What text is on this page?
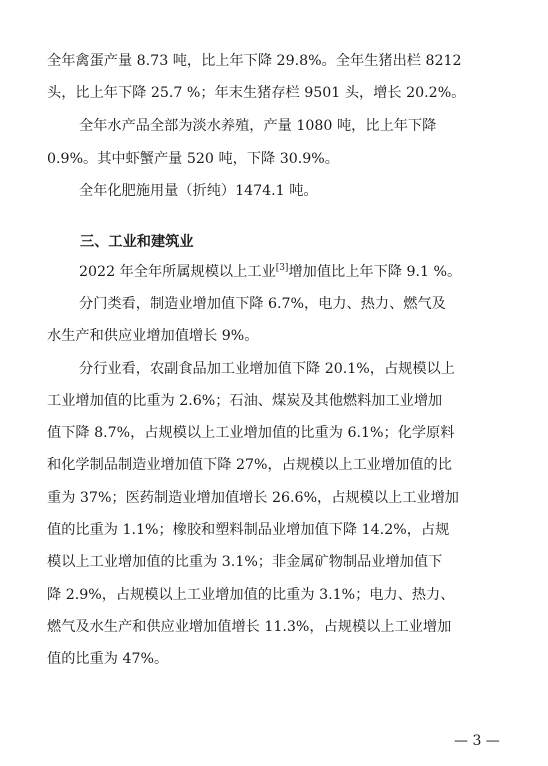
全年禽蛋产量 8.73 吨，比上年下降 29.8%。全年生猪出栏 8212
头，比上年下降 25.7 %；年末生猪存栏 9501 头，增长 20.2%。
全年水产品全部为淡水养殖，产量 1080 吨，比上年下降
0.9%。其中虾蟹产量 520 吨，下降 30.9%。
全年化肥施用量（折纯）1474.1 吨。
三、工业和建筑业
2022 年全年所属规模以上工业[3]增加值比上年下降 9.1 %。
分门类看，制造业增加值下降 6.7%，电力、热力、燃气及
水生产和供应业增加值增长 9%。
分行业看，农副食品加工业增加值下降 20.1%，占规模以上
工业增加值的比重为 2.6%；石油、煤炭及其他燃料加工业增加
值下降 8.7%，占规模以上工业增加值的比重为 6.1%；化学原料
和化学制品制造业增加值下降 27%，占规模以上工业增加值的比
重为 37%；医药制造业增加值增长 26.6%，占规模以上工业增加
值的比重为 1.1%；橡胶和塑料制品业增加值下降 14.2%，占规
模以上工业增加值的比重为 3.1%；非金属矿物制品业增加值下
降 2.9%，占规模以上工业增加值的比重为 3.1%；电力、热力、
燃气及水生产和供应业增加值增长 11.3%，占规模以上工业增加
值的比重为 47%。
— 3 —
